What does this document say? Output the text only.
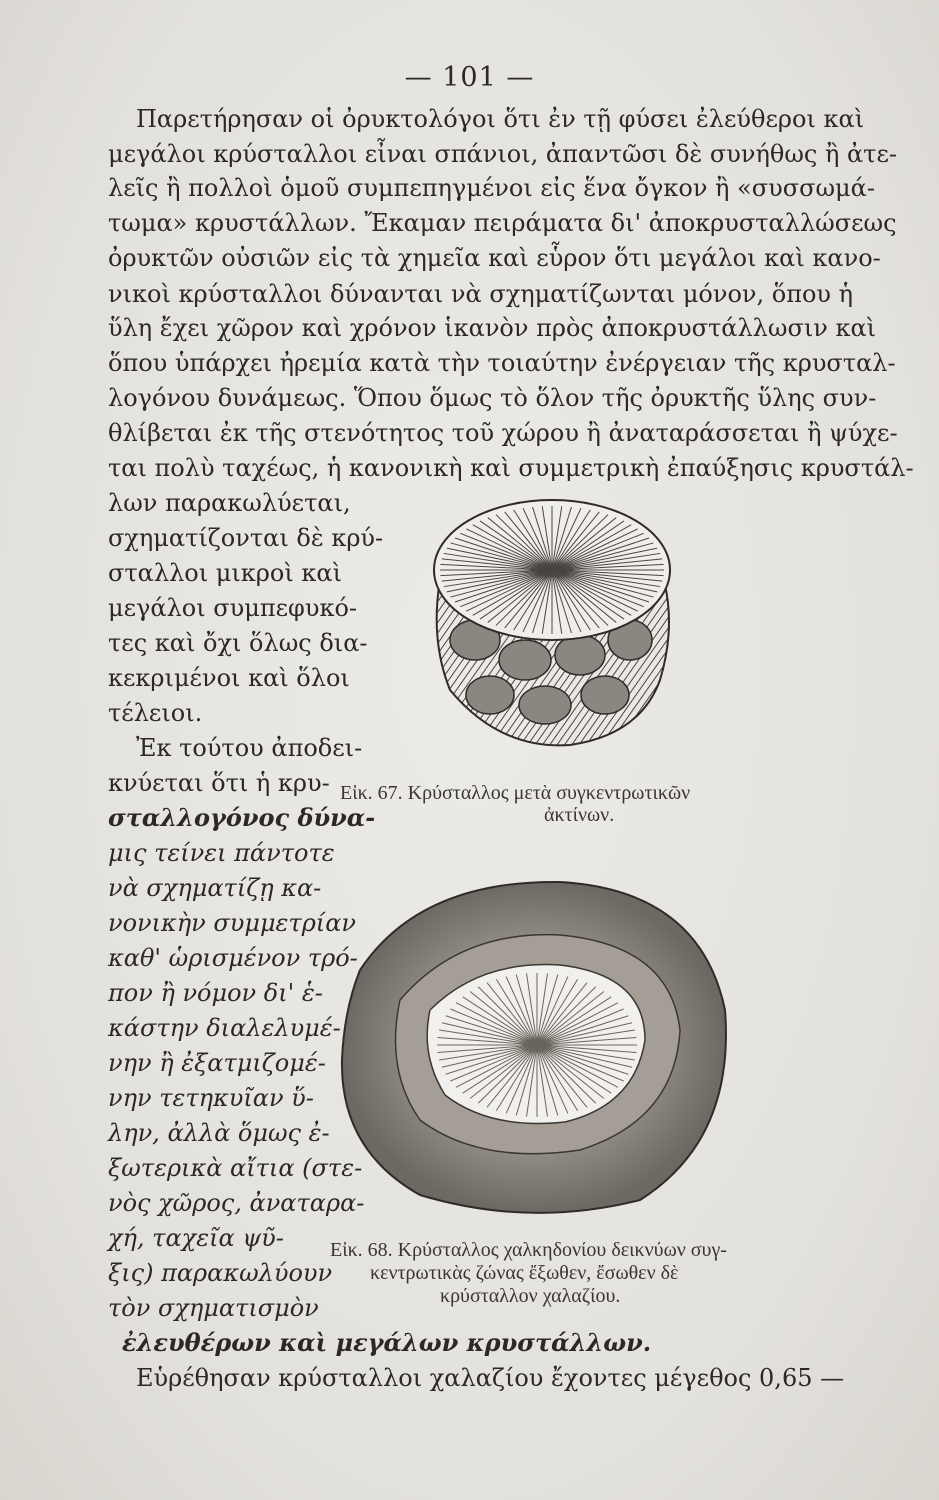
— 101 —
Παρετήρησαν οἱ ὀρυκτολόγοι ὅτι ἐν τῇ φύσει ἐλεύθεροι καὶ
μεγάλοι κρύσταλλοι εἶναι σπάνιοι, ἀπαντῶσι δὲ συνήθως ἢ ἀτε-
λεῖς ἢ πολλοὶ ὁμοῦ συμπεπηγμένοι εἰς ἕνα ὄγκον ἢ «συσσωμά-
τωμα» κρυστάλλων. Ἔκαμαν πειράματα δι' ἀποκρυσταλλώσεως
ὀρυκτῶν οὐσιῶν εἰς τὰ χημεῖα καὶ εὗρον ὅτι μεγάλοι καὶ κανο-
νικοὶ κρύσταλλοι δύνανται νὰ σχηματίζωνται μόνον, ὅπου ἡ
ὕλη ἔχει χῶρον καὶ χρόνον ἱκανὸν πρὸς ἀποκρυστάλλωσιν καὶ
ὅπου ὑπάρχει ἠρεμία κατὰ τὴν τοιαύτην ἐνέργειαν τῆς κρυσταλ-
λογόνου δυνάμεως. Ὅπου ὅμως τὸ ὅλον τῆς ὀρυκτῆς ὕλης συν-
θλίβεται ἐκ τῆς στενότητος τοῦ χώρου ἢ ἀναταράσσεται ἢ ψύχε-
ται πολὺ ταχέως, ἡ κανονικὴ καὶ συμμετρικὴ ἐπαύξησις κρυστάλ-
λων παρακωλύεται,
σχηματίζονται δὲ κρύ-
σταλλοι μικροὶ καὶ
μεγάλοι συμπεφυκό-
τες καὶ ὄχι ὅλως δια-
κεκριμένοι καὶ ὅλοι
τέλειοι.
Ἐκ τούτου ἀποδει-
κνύεται ὅτι ἡ κρυ-
σταλλογόνος δύνα-
μις τείνει πάντοτε
νὰ σχηματίζῃ κα-
νονικὴν συμμετρίαν
καθ' ὡρισμένον τρό-
πον ἢ νόμον δι' ἑ-
κάστην διαλελυμέ-
νην ἢ ἐξατμιζομέ-
νην τετηκυῖαν ὕ-
λην, ἀλλὰ ὅμως ἐ-
ξωτερικὰ αἴτια (στε-
νὸς χῶρος, ἀναταρα-
χή, ταχεῖα ψῦ-
ξις) παρακωλύουν
τὸν σχηματισμὸν
ἐλευθέρων καὶ μεγάλων κρυστάλλων.
Εὑρέθησαν κρύσταλλοι χαλαζίου ἔχοντες μέγεθος 0,65 —
Εἰκ. 67. Κρύσταλλος μετὰ συγκεντρωτικῶν
ἀκτίνων.
Εἰκ. 68. Κρύσταλλος χαλκηδονίου δεικνύων συγ-
κεντρωτικὰς ζώνας ἔξωθεν, ἔσωθεν δὲ
κρύσταλλον χαλαζίου.
